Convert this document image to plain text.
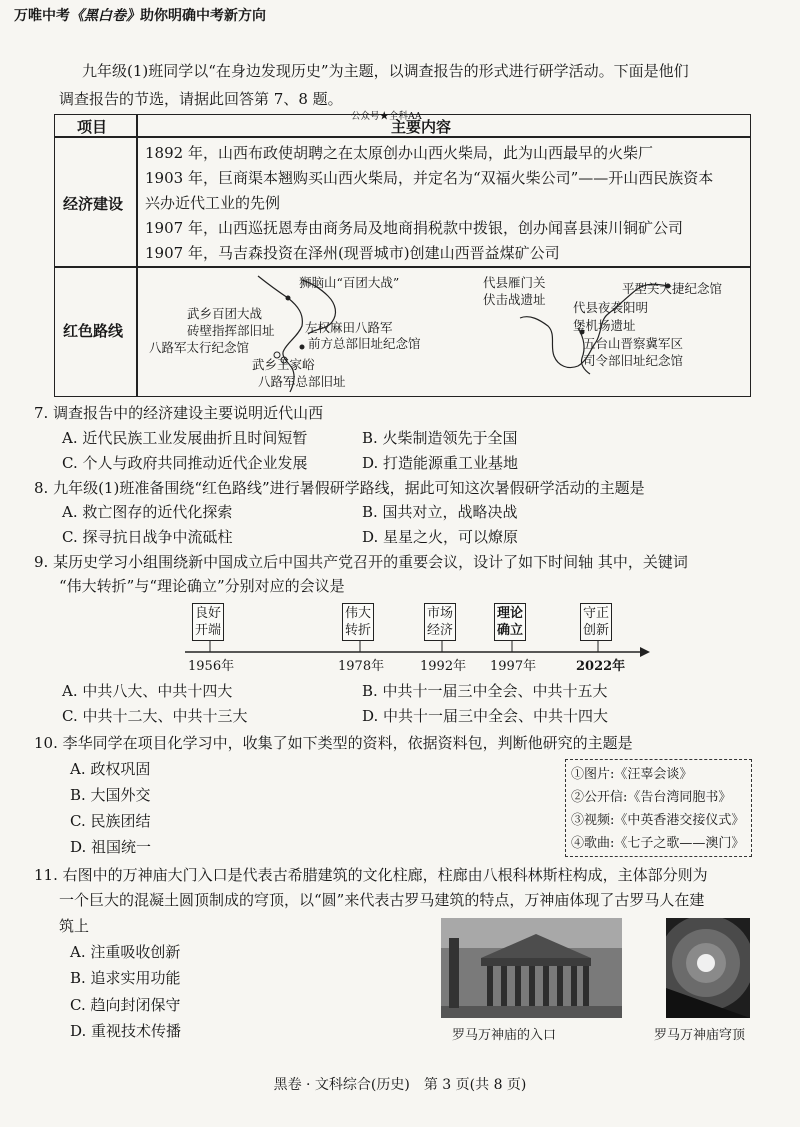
万唯中考《黑白卷》助你明确中考新方向
九年级(1)班同学以“在身边发现历史”为主题，以调查报告的形式进行研学活动。下面是他们
调查报告的节选，请据此回答第 7、8 题。
公众号★全科AA
项目	主要内容
经济建设
1892 年，山西布政使胡聘之在太原创办山西火柴局，此为山西最早的火柴厂
1903 年，巨商渠本翘购买山西火柴局，并定名为“双福火柴公司”——开山西民族资本
兴办近代工业的先例
1907 年，山西巡抚恩寿由商务局及地商捐税款中拨银，创办闻喜县涑川铜矿公司
1907 年，马吉森投资在泽州(现晋城市)创建山西晋益煤矿公司
红色路线
狮脑山“百团大战”
武乡百团大战
砖壁指挥部旧址
八路军太行纪念馆
左权麻田八路军
前方总部旧址纪念馆
武乡王家峪
八路军总部旧址
代县雁门关
伏击战遗址
平型关大捷纪念馆
代县夜袭阳明
堡机场遗址
五台山晋察冀军区
司令部旧址纪念馆
7. 调查报告中的经济建设主要说明近代山西
A. 近代民族工业发展曲折且时间短暂	B. 火柴制造领先于全国
C. 个人与政府共同推动近代企业发展	D. 打造能源重工业基地
8. 九年级(1)班准备围绕“红色路线”进行暑假研学路线，据此可知这次暑假研学活动的主题是
A. 救亡图存的近代化探索	B. 国共对立，战略决战
C. 探寻抗日战争中流砥柱	D. 星星之火，可以燎原
9. 某历史学习小组围绕新中国成立后中国共产党召开的重要会议，设计了如下时间轴 其中，关键词
“伟大转折”与“理论确立”分别对应的会议是
良好
开端
伟大
转折
市场
经济
理论
确立
守正
创新
1956年	1978年	1992年 1997年	2022年
A. 中共八大、中共十四大	B. 中共十一届三中全会、中共十五大
C. 中共十二大、中共十三大	D. 中共十一届三中全会、中共十四大
10. 李华同学在项目化学习中，收集了如下类型的资料，依据资料包，判断他研究的主题是
A. 政权巩固
B. 大国外交
C. 民族团结
D. 祖国统一
①图片:《汪辜会谈》
②公开信:《告台湾同胞书》
③视频:《中英香港交接仪式》
④歌曲:《七子之歌——澳门》
11. 右图中的万神庙大门入口是代表古希腊建筑的文化柱廊，柱廊由八根科林斯柱构成，主体部分则为
一个巨大的混凝土圆顶制成的穹顶，以“圆”来代表古罗马建筑的特点，万神庙体现了古罗马人在建
筑上
A. 注重吸收创新
B. 追求实用功能
C. 趋向封闭保守
D. 重视技术传播	罗马万神庙的入口	罗马万神庙穹顶
黑卷 · 文科综合(历史)　第 3 页(共 8 页)
